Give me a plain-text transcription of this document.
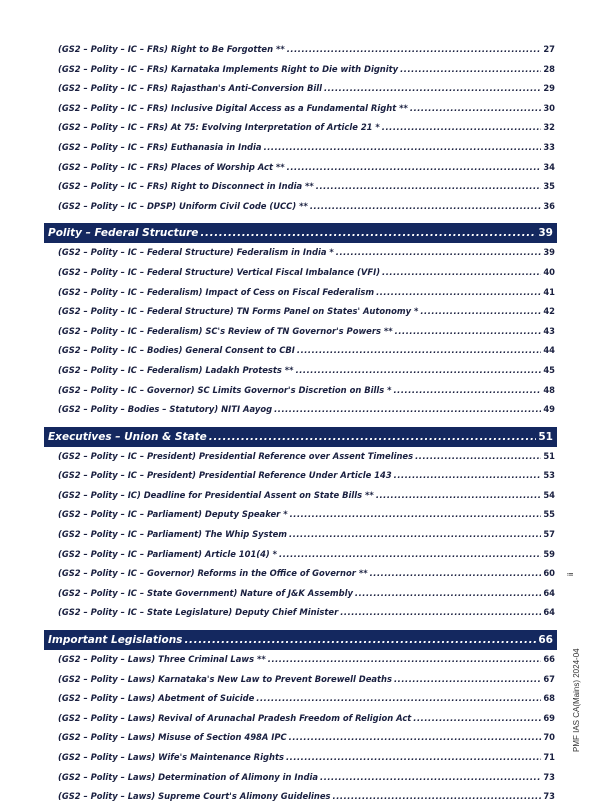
(GS2 – Polity – IC – FRs) Right to Be Forgotten ** .....	27
(GS2 – Polity – IC – FRs) Karnataka Implements Right to Die with Dignity .....	28
(GS2 – Polity – IC – FRs) Rajasthan's Anti-Conversion Bill .....	29
(GS2 – Polity – IC – FRs) Inclusive Digital Access as a Fundamental Right ** .....	30
(GS2 – Polity – IC – FRs) At 75: Evolving Interpretation of Article 21 * .....	32
(GS2 – Polity – IC – FRs) Euthanasia in India .....	33
(GS2 – Polity – IC – FRs) Places of Worship Act ** .....	34
(GS2 – Polity – IC – FRs) Right to Disconnect in India ** .....	35
(GS2 – Polity – IC – DPSP) Uniform Civil Code (UCC) ** .....	36
Polity – Federal Structure .....	39
(GS2 – Polity – IC – Federal Structure) Federalism in India * .....	39
(GS2 – Polity – IC – Federal Structure) Vertical Fiscal Imbalance (VFI) .....	40
(GS2 – Polity – IC – Federalism) Impact of Cess on Fiscal Federalism .....	41
(GS2 – Polity – IC – Federal Structure) TN Forms Panel on States' Autonomy * .....	42
(GS2 – Polity – IC – Federalism) SC's Review of TN Governor's Powers ** .....	43
(GS2 – Polity – IC – Bodies) General Consent to CBI .....	44
(GS2 – Polity – IC – Federalism) Ladakh Protests ** .....	45
(GS2 – Polity – IC – Governor) SC Limits Governor's Discretion on Bills * .....	48
(GS2 – Polity – Bodies – Statutory) NITI Aayog .....	49
Executives – Union & State .....	51
(GS2 – Polity – IC – President) Presidential Reference over Assent Timelines .....	51
(GS2 – Polity – IC – President) Presidential Reference Under Article 143 .....	53
(GS2 – Polity – IC) Deadline for Presidential Assent on State Bills ** .....	54
(GS2 – Polity – IC – Parliament) Deputy Speaker * .....	55
(GS2 – Polity – IC – Parliament) The Whip System .....	57
(GS2 – Polity – IC – Parliament) Article 101(4) * .....	59
(GS2 – Polity – IC – Governor) Reforms in the Office of Governor ** .....	60
(GS2 – Polity – IC – State Government) Nature of J&K Assembly .....	64
(GS2 – Polity – IC – State Legislature) Deputy Chief Minister .....	64
Important Legislations .....	66
(GS2 – Polity – Laws) Three Criminal Laws ** .....	66
(GS2 – Polity – Laws) Karnataka's New Law to Prevent Borewell Deaths .....	67
(GS2 – Polity – Laws) Abetment of Suicide .....	68
(GS2 – Polity – Laws) Revival of Arunachal Pradesh Freedom of Religion Act .....	69
(GS2 – Polity – Laws) Misuse of Section 498A IPC .....	70
(GS2 – Polity – Laws) Wife's Maintenance Rights .....	71
(GS2 – Polity – Laws) Determination of Alimony in India .....	73
(GS2 – Polity – Laws) Supreme Court's Alimony Guidelines .....	73
PMF IAS CA(Mains) 2024-04
ii
